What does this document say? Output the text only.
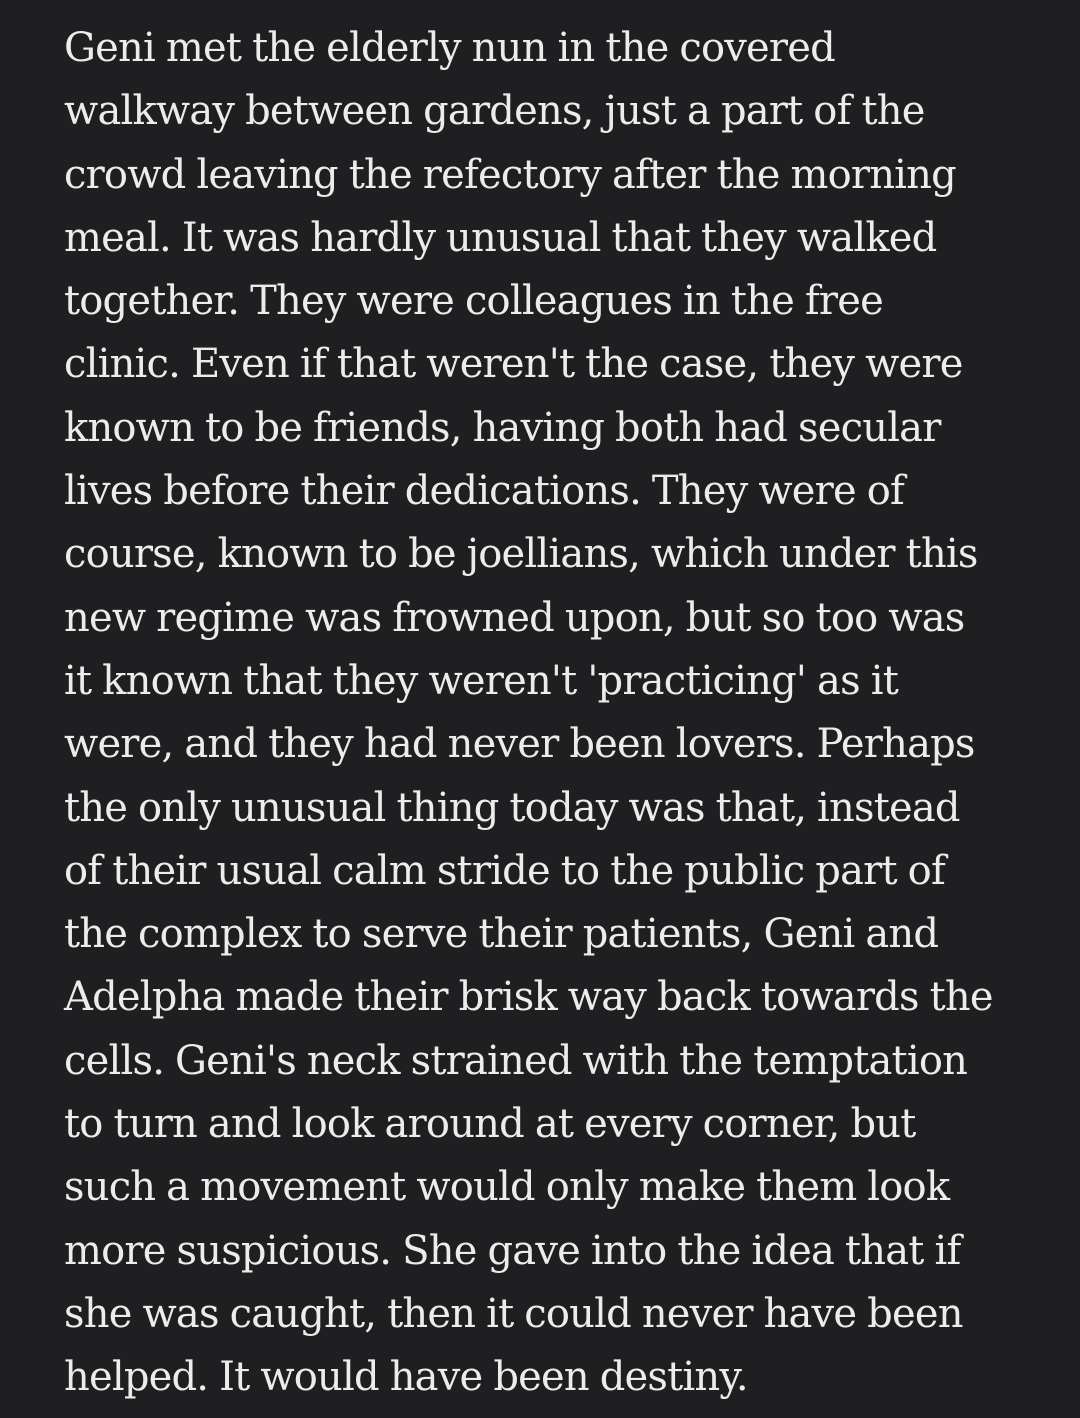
Geni met the elderly nun in the covered
walkway between gardens, just a part of the
crowd leaving the refectory after the morning
meal. It was hardly unusual that they walked
together. They were colleagues in the free
clinic. Even if that weren't the case, they were
known to be friends, having both had secular
lives before their dedications. They were of
course, known to be joellians, which under this
new regime was frowned upon, but so too was
it known that they weren't 'practicing' as it
were, and they had never been lovers. Perhaps
the only unusual thing today was that, instead
of their usual calm stride to the public part of
the complex to serve their patients, Geni and
Adelpha made their brisk way back towards the
cells. Geni's neck strained with the temptation
to turn and look around at every corner, but
such a movement would only make them look
more suspicious. She gave into the idea that if
she was caught, then it could never have been
helped. It would have been destiny.
